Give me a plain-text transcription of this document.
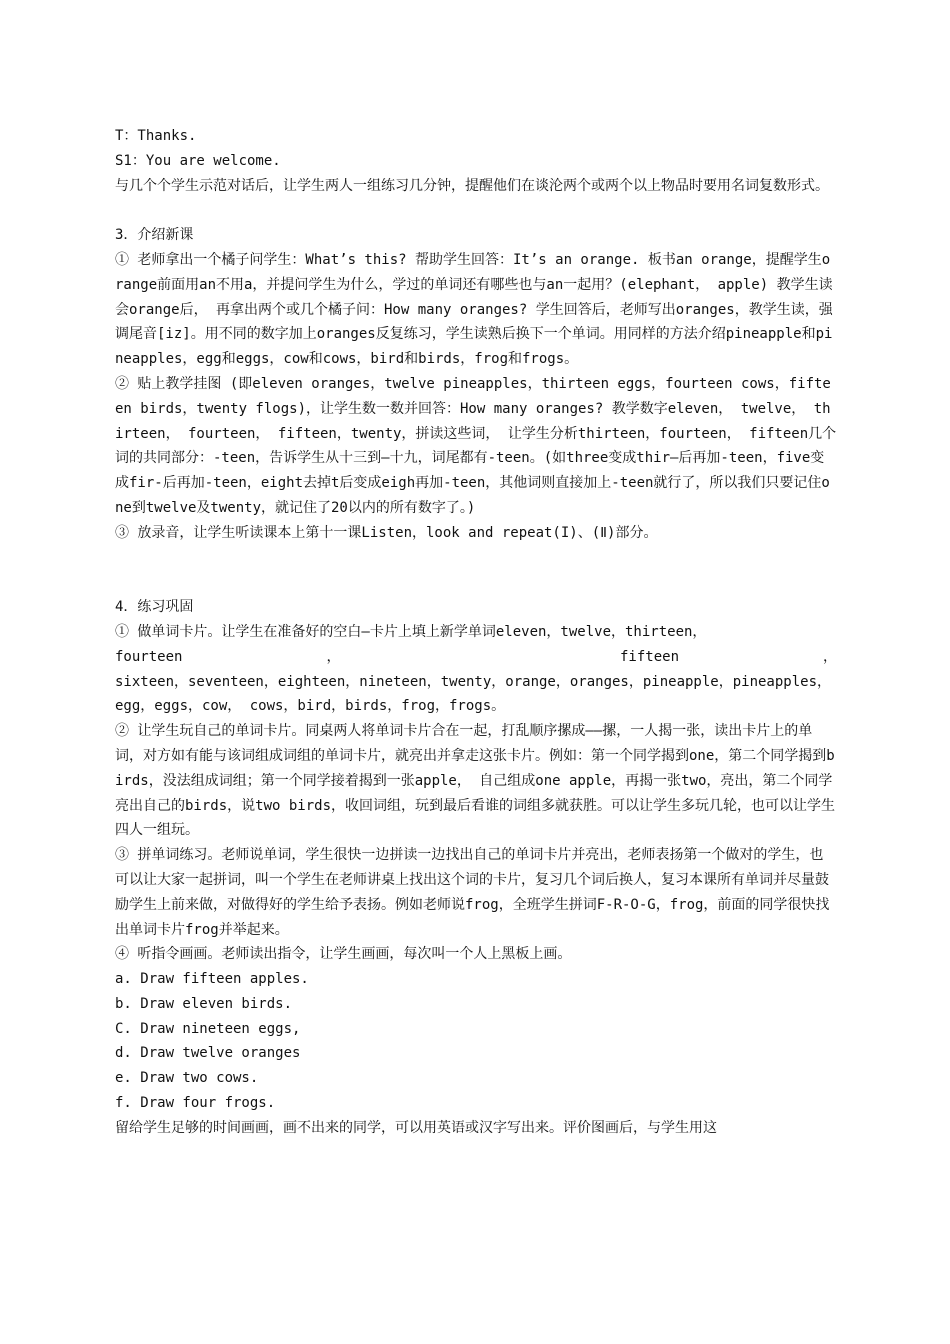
T：Thanks.

S1：You are welcome.

与几个个学生示范对话后，让学生两人一组练习几分钟，提醒他们在谈沦两个或两个以上物品时要用名词复数形式。

3．介绍新课

① 老师拿出一个橘子问学生：What’s this? 帮助学生回答：It’s an orange. 板书an orange，提醒学生orange前面用an不用a，并提问学生为什么，学过的单词还有哪些也与an一起用？(elephant， apple) 教学生读会orange后， 再拿出两个或几个橘子问：How many oranges? 学生回答后，老师写出oranges，教学生读，强调尾音[iz]。用不同的数字加上oranges反复练习，学生读熟后换下一个单词。用同样的方法介绍pineapple和pineapples，egg和eggs，cow和cows，bird和birds，frog和frogs。

② 贴上教学挂图 (即eleven oranges，twelve pineapples，thirteen eggs，fourteen cows，fifteen birds，twenty flogs)，让学生数一数并回答：How many oranges? 教学数字eleven， twelve， thirteen， fourteen， fifteen，twenty，拼读这些词， 让学生分析thirteen，fourteen， fifteen几个词的共同部分：-teen，告诉学生从十三到—十九，词尾都有-teen。(如three变成thir—后再加-teen，five变成fir-后再加-teen，eight去掉t后变成eigh再加-teen，其他词则直接加上-teen就行了，所以我们只要记住one到twelve及twenty，就记住了20以内的所有数字了。)

③ 放录音，让学生听读课本上第十一课Listen，look and repeat(I)、(Ⅱ)部分。

4．练习巩固

① 做单词卡片。让学生在准备好的空白—卡片上填上新学单词eleven，twelve，thirteen，

fourteen	，	fifteen	，

sixteen，seventeen，eighteen，nineteen，twenty，orange，oranges，pineapple，pineapples，egg，eggs，cow， cows，bird，birds，frog，frogs。

② 让学生玩自己的单词卡片。同桌两人将单词卡片合在一起，打乱顺序摞成——摞，一人揭一张，读出卡片上的单词，对方如有能与该词组成词组的单词卡片，就亮出并拿走这张卡片。例如：第一个同学揭到one，第二个同学揭到birds，没法组成词组；第一个同学接着揭到一张apple， 自己组成one apple，再揭一张two，亮出，第二个同学亮出自己的birds，说two birds，收回词组，玩到最后看谁的词组多就获胜。可以让学生多玩几轮，也可以让学生四人一组玩。

③ 拼单词练习。老师说单词，学生很快一边拼读一边找出自己的单词卡片并亮出，老师表扬第一个做对的学生，也可以让大家一起拼词，叫一个学生在老师讲桌上找出这个词的卡片，复习几个词后换人，复习本课所有单词并尽量鼓励学生上前来做，对做得好的学生给予表扬。例如老师说frog，全班学生拼词F-R-O-G，frog，前面的同学很快找出单词卡片frog并举起来。

④ 听指令画画。老师读出指令，让学生画画，每次叫一个人上黑板上画。

a. Draw fifteen apples.

b. Draw eleven birds.

C. Draw nineteen eggs,

d. Draw twelve oranges

e. Draw two cows.

f. Draw four frogs.

留给学生足够的时间画画，画不出来的同学，可以用英语或汉字写出来。评价图画后，与学生用这
